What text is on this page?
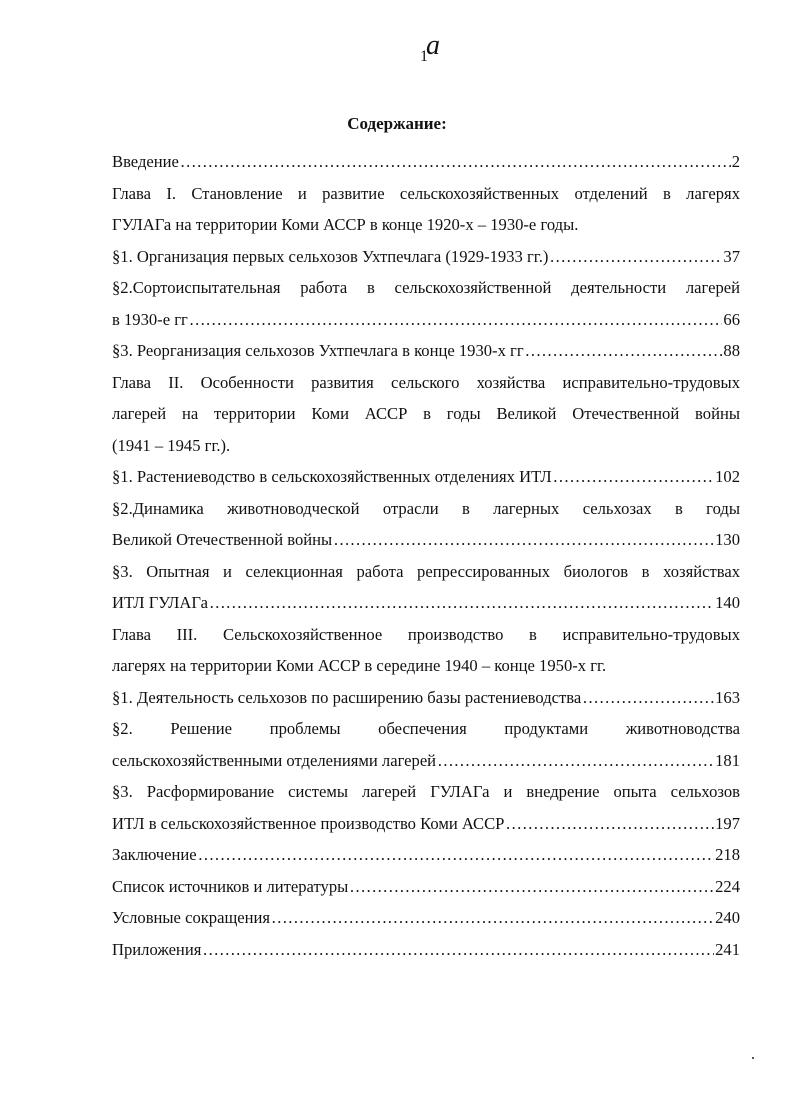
a
1
Содержание:
Введение …………………………………………………………………………………………………………………………………………………………………	2
Глава I. Становление и развитие сельскохозяйственных отделений в лагерях
ГУЛАГа на территории Коми АССР в конце 1920-х – 1930-е годы.
§1. Организация первых сельхозов Ухтпечлага (1929-1933 гг.) …………………………………………………………………………………………………………………………………………………………………	37
§2.Сортоиспытательная работа в сельскохозяйственной деятельности лагерей
в 1930-е гг …………………………………………………………………………………………………………………………………………………………………	66
§3. Реорганизация сельхозов Ухтпечлага в конце 1930-х гг …………………………………………………………………………………………………………………………………………………………………	88
Глава II. Особенности развития сельского хозяйства исправительно-трудовых
лагерей на территории Коми АССР в годы Великой Отечественной войны
(1941 – 1945 гг.).
§1. Растениеводство в сельскохозяйственных отделениях ИТЛ …………………………………………………………………………………………………………………………………………………………………	102
§2.Динамика животноводческой отрасли в лагерных сельхозах в годы
Великой Отечественной войны …………………………………………………………………………………………………………………………………………………………………	130
§3. Опытная и селекционная работа репрессированных биологов в хозяйствах
ИТЛ ГУЛАГа …………………………………………………………………………………………………………………………………………………………………	140
Глава III. Сельскохозяйственное производство в исправительно-трудовых
лагерях на территории Коми АССР в середине 1940 – конце 1950-х гг.
§1. Деятельность сельхозов по расширению базы растениеводства …………………………………………………………………………………………………………………………………………………………………	163
§2. Решение проблемы обеспечения продуктами животноводства
сельскохозяйственными отделениями лагерей …………………………………………………………………………………………………………………………………………………………………	181
§3. Расформирование системы лагерей ГУЛАГа и внедрение опыта сельхозов
ИТЛ в сельскохозяйственное производство Коми АССР …………………………………………………………………………………………………………………………………………………………………	197
Заключение …………………………………………………………………………………………………………………………………………………………………	218
Список источников и литературы …………………………………………………………………………………………………………………………………………………………………	224
Условные сокращения …………………………………………………………………………………………………………………………………………………………………	240
Приложения …………………………………………………………………………………………………………………………………………………………………	241
